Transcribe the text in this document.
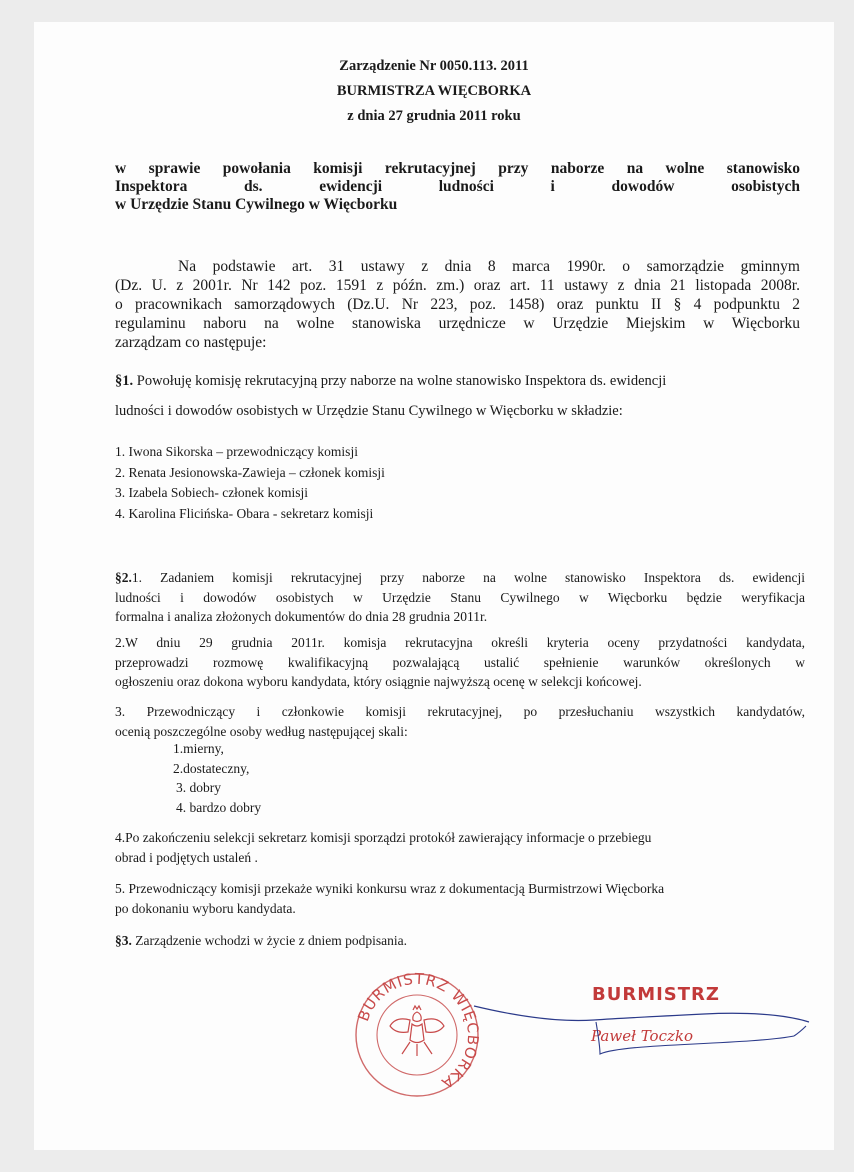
Zarządzenie Nr 0050.113. 2011
BURMISTRZA WIĘCBORKA
z dnia 27 grudnia 2011 roku
w sprawie powołania komisji rekrutacyjnej przy naborze na wolne stanowisko
Inspektora ds. ewidencji ludności i dowodów osobistych
w Urzędzie Stanu Cywilnego w Więcborku
Na podstawie art. 31 ustawy z dnia 8 marca 1990r. o samorządzie gminnym
(Dz. U. z 2001r. Nr 142 poz. 1591 z późn. zm.) oraz art. 11 ustawy z dnia 21 listopada 2008r.
o pracownikach samorządowych (Dz.U. Nr 223, poz. 1458) oraz punktu II § 4 podpunktu 2
regulaminu naboru na wolne stanowiska urzędnicze w Urzędzie Miejskim w Więcborku
zarządzam co następuje:
§1. Powołuję komisję rekrutacyjną przy naborze na wolne stanowisko Inspektora ds. ewidencji
ludności i dowodów osobistych w Urzędzie Stanu Cywilnego w Więcborku w składzie:
1. Iwona Sikorska – przewodniczący komisji
2. Renata Jesionowska-Zawieja – członek komisji
3. Izabela Sobiech- członek komisji
4. Karolina Flicińska- Obara - sekretarz komisji
§2.1. Zadaniem komisji rekrutacyjnej przy naborze na wolne stanowisko Inspektora ds. ewidencji
ludności i dowodów osobistych w Urzędzie Stanu Cywilnego w Więcborku będzie weryfikacja
formalna i analiza złożonych dokumentów do dnia 28 grudnia 2011r.
2.W dniu 29 grudnia 2011r. komisja rekrutacyjna określi kryteria oceny przydatności kandydata,
przeprowadzi rozmowę kwalifikacyjną pozwalającą ustalić spełnienie warunków określonych w
ogłoszeniu oraz dokona wyboru kandydata, który osiągnie najwyższą ocenę w selekcji końcowej.
3. Przewodniczący i członkowie komisji rekrutacyjnej, po przesłuchaniu wszystkich kandydatów,
ocenią poszczególne osoby według następującej skali:
1.mierny,
2.dostateczny,
3. dobry
4. bardzo dobry
4.Po zakończeniu selekcji sekretarz komisji sporządzi protokół zawierający informacje o przebiegu
obrad i podjętych ustaleń .
5. Przewodniczący komisji przekaże wyniki konkursu wraz z dokumentacją Burmistrzowi Więcborka
po dokonaniu wyboru kandydata.
§3. Zarządzenie wchodzi w życie z dniem podpisania.
BURMISTRZ WIĘCBORKA
BURMISTRZ
Paweł Toczko
